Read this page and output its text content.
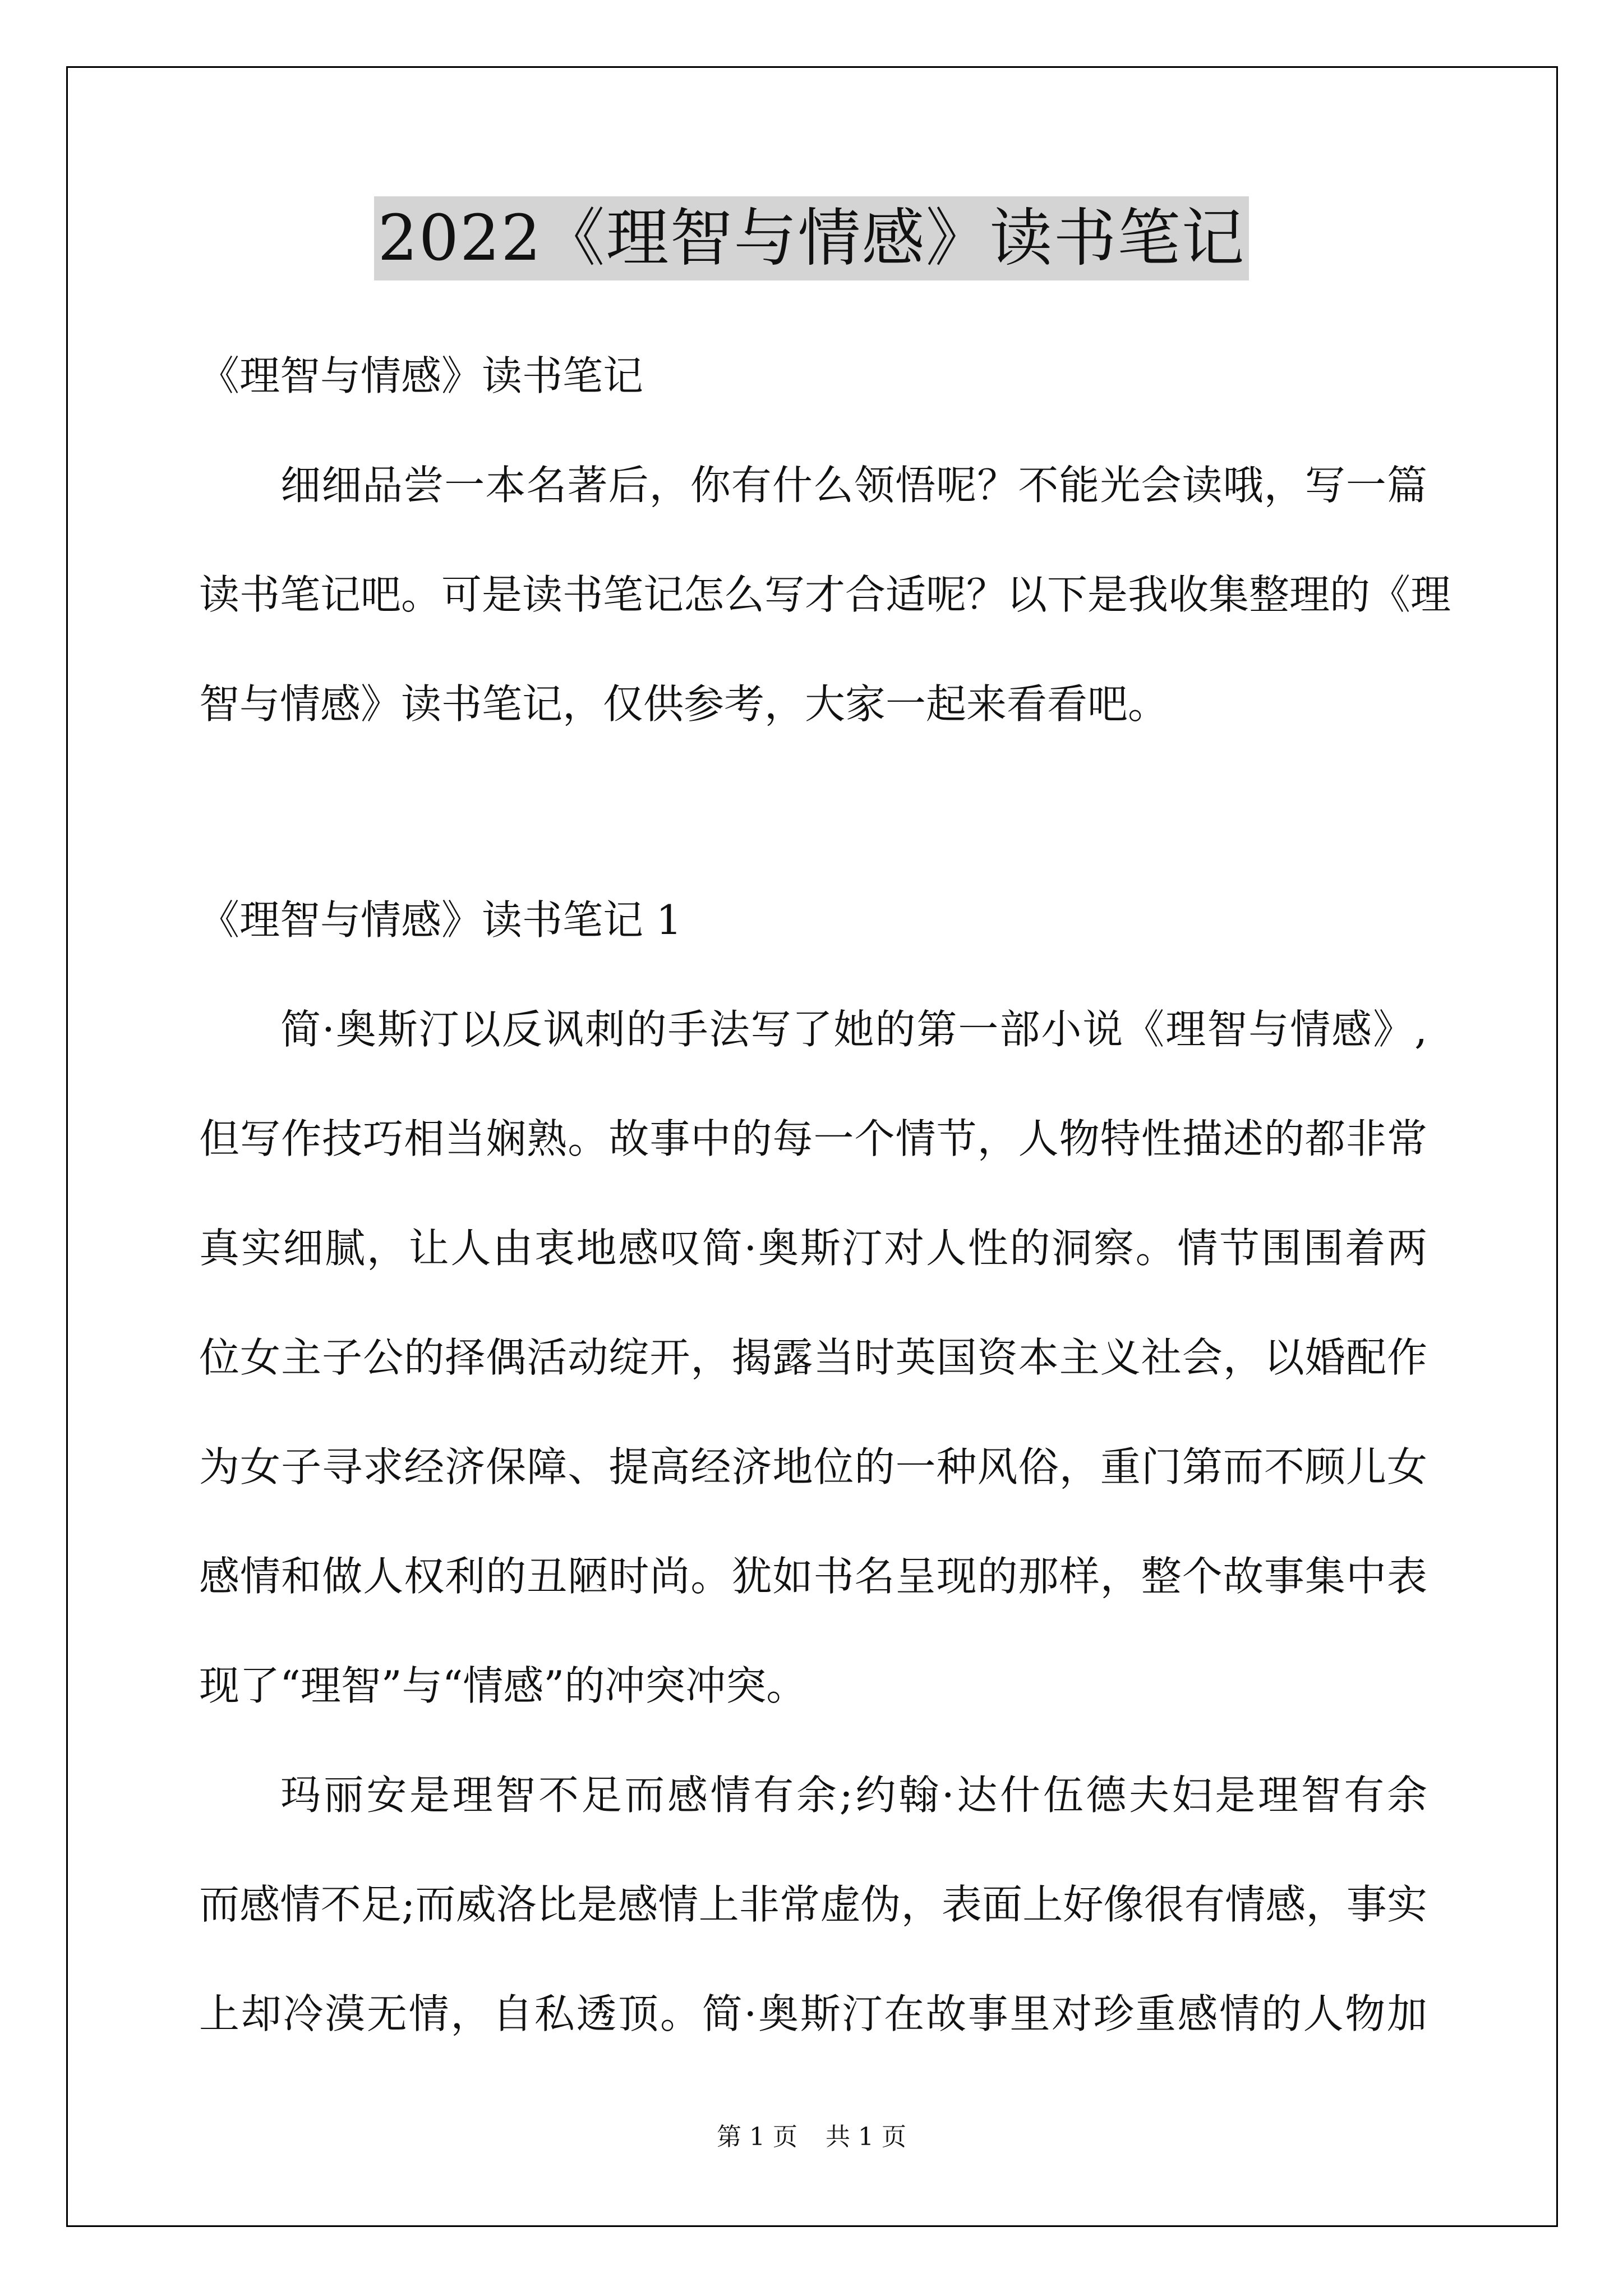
2022《理智与情感》读书笔记
《理智与情感》读书笔记
细细品尝一本名著后，你有什么领悟呢？不能光会读哦，写一篇
读书笔记吧。可是读书笔记怎么写才合适呢？以下是我收集整理的《理
智与情感》读书笔记，仅供参考，大家一起来看看吧。
《理智与情感》读书笔记 1
简·奥斯汀以反讽刺的手法写了她的第一部小说《理智与情感》,
但写作技巧相当娴熟。故事中的每一个情节，人物特性描述的都非常
真实细腻，让人由衷地感叹简·奥斯汀对人性的洞察。情节围围着两
位女主子公的择偶活动绽开，揭露当时英国资本主义社会，以婚配作
为女子寻求经济保障、提高经济地位的一种风俗，重门第而不顾儿女
感情和做人权利的丑陋时尚。犹如书名呈现的那样，整个故事集中表
现了“理智”与“情感”的冲突冲突。
玛丽安是理智不足而感情有余;约翰·达什伍德夫妇是理智有余
而感情不足;而威洛比是感情上非常虚伪，表面上好像很有情感，事实
上却冷漠无情，自私透顶。简·奥斯汀在故事里对珍重感情的人物加
第 1 页 共 1 页
